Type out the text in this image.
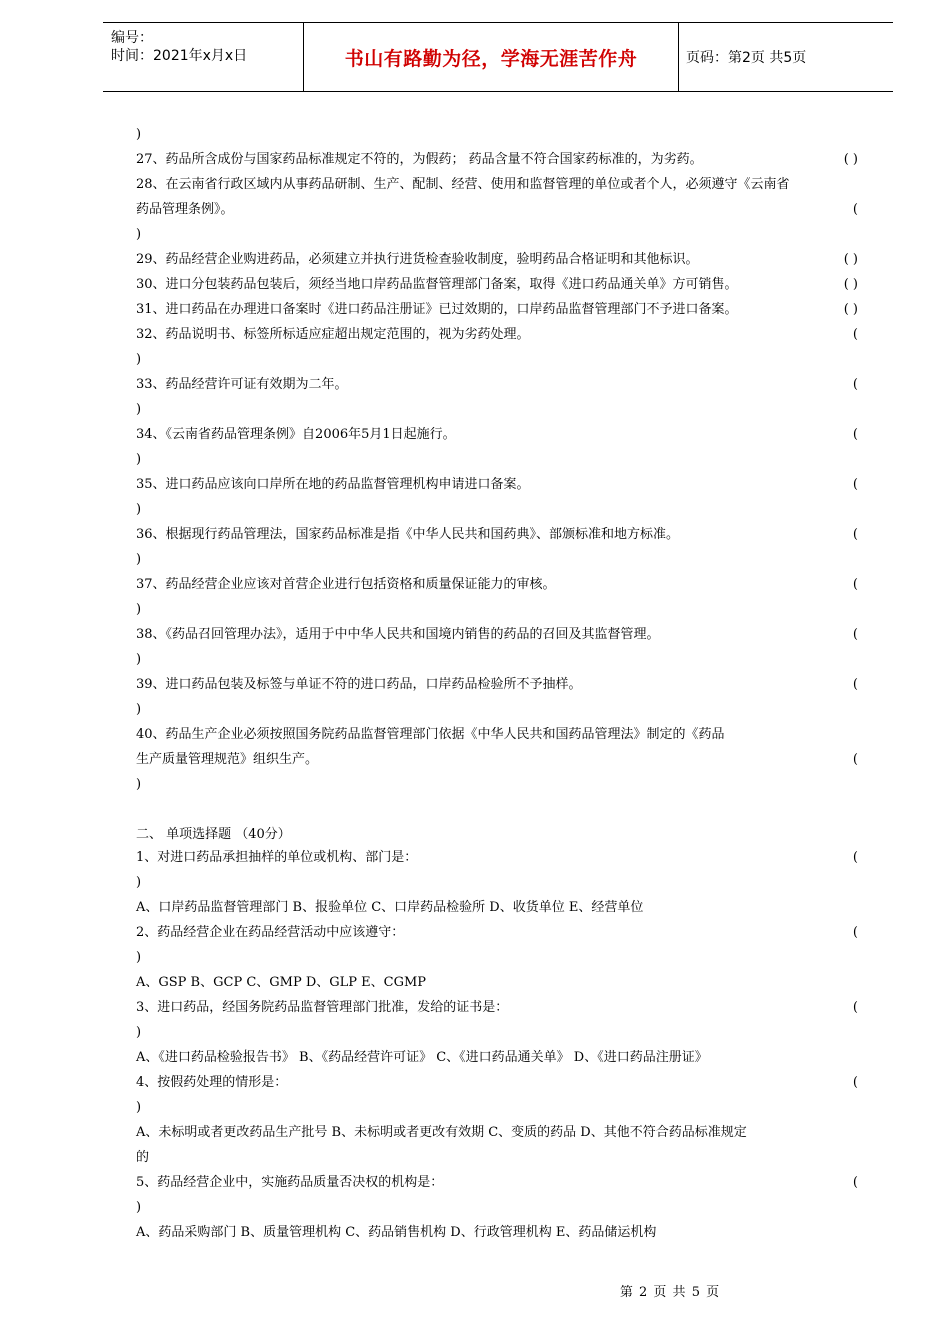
编号：
时间：2021年x月x日	书山有路勤为径，学海无涯苦作舟	页码：第2页 共5页
)
27、药品所含成份与国家药品标准规定不符的，为假药； 药品含量不符合国家药标准的，为劣药。	( )
28、在云南省行政区域内从事药品研制、生产、配制、经营、使用和监督管理的单位或者个人，必须遵守《云南省
药品管理条例》。	(
)
29、药品经营企业购进药品，必须建立并执行进货检查验收制度，验明药品合格证明和其他标识。	( )
30、进口分包装药品包装后，须经当地口岸药品监督管理部门备案，取得《进口药品通关单》方可销售。	( )
31、进口药品在办理进口备案时《进口药品注册证》已过效期的，口岸药品监督管理部门不予进口备案。	( )
32、药品说明书、标签所标适应症超出规定范围的，视为劣药处理。	(
)
33、药品经营许可证有效期为二年。	(
)
34、《云南省药品管理条例》自2006年5月1日起施行。	(
)
35、进口药品应该向口岸所在地的药品监督管理机构申请进口备案。	(
)
36、根据现行药品管理法，国家药品标准是指《中华人民共和国药典》、部颁标准和地方标准。	(
)
37、药品经营企业应该对首营企业进行包括资格和质量保证能力的审核。	(
)
38、《药品召回管理办法》，适用于中中华人民共和国境内销售的药品的召回及其监督管理。	(
)
39、进口药品包装及标签与单证不符的进口药品，口岸药品检验所不予抽样。	(
)
40、药品生产企业必须按照国务院药品监督管理部门依据《中华人民共和国药品管理法》制定的《药品
生产质量管理规范》组织生产。	(
)
二、 单项选择题 （40分）
1、对进口药品承担抽样的单位或机构、部门是：	(
)
A、口岸药品监督管理部门 B、报验单位 C、口岸药品检验所 D、收货单位 E、经营单位
2、药品经营企业在药品经营活动中应该遵守：	(
)
A、GSP B、GCP C、GMP D、GLP E、CGMP
3、进口药品，经国务院药品监督管理部门批准，发给的证书是：	(
)
A、《进口药品检验报告书》 B、《药品经营许可证》 C、《进口药品通关单》 D、《进口药品注册证》
4、按假药处理的情形是：	(
)
A、未标明或者更改药品生产批号 B、未标明或者更改有效期 C、变质的药品 D、其他不符合药品标准规定
的
5、药品经营企业中，实施药品质量否决权的机构是：	(
)
A、药品采购部门 B、质量管理机构 C、药品销售机构 D、行政管理机构 E、药品储运机构
第 2 页 共 5 页
